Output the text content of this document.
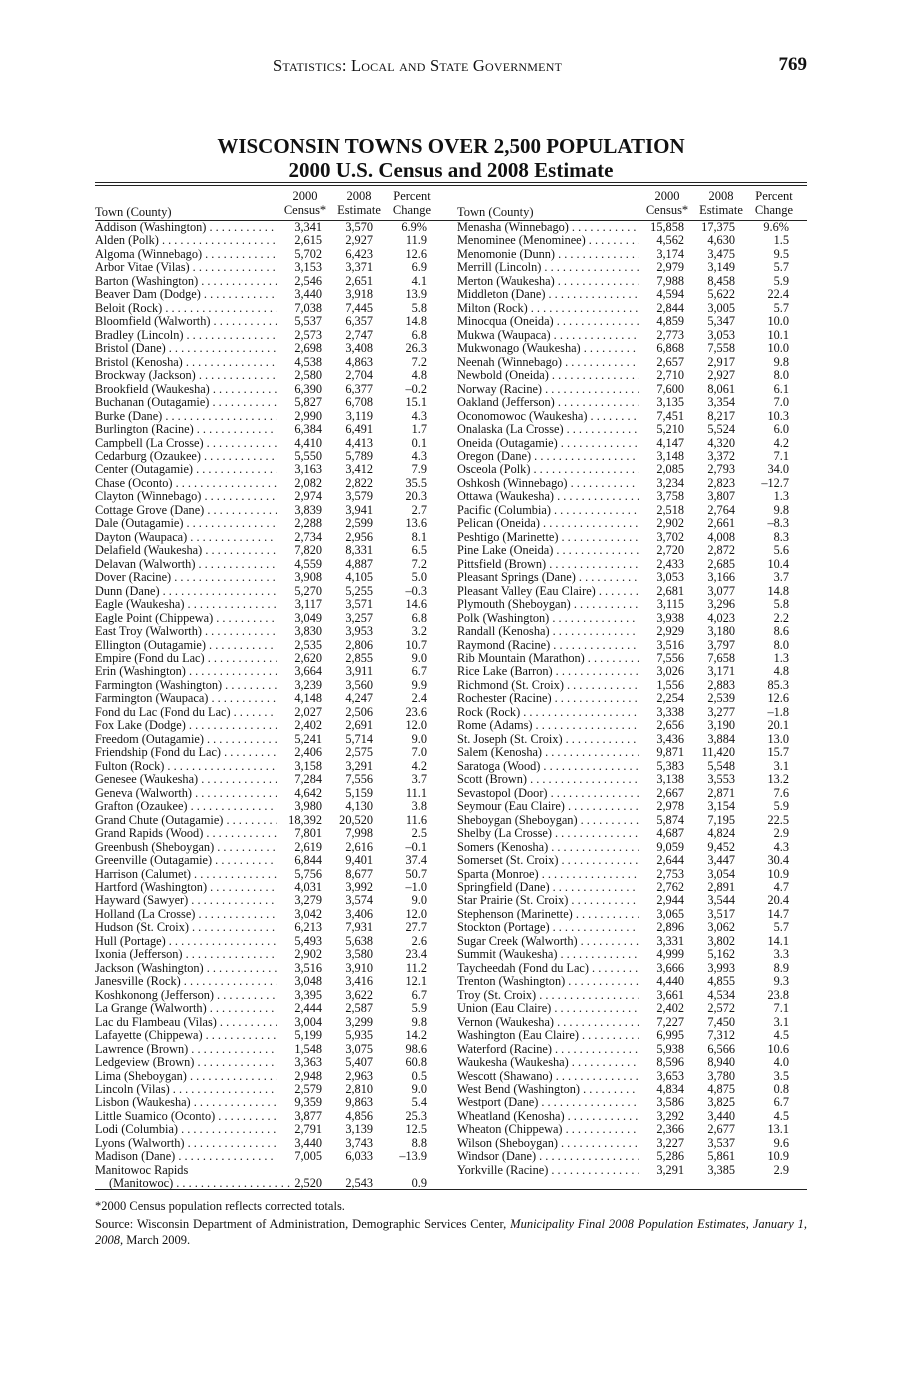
Statistics: Local and State Government	769
WISCONSIN TOWNS OVER 2,500 POPULATION
2000 U.S. Census and 2008 Estimate
Town (County)
2000
Census*
2008
Estimate
Percent
Change
Addison (Washington) . . .	3,341	3,570	6.9%
Alden (Polk) . . .	2,615	2,927	11.9
Algoma (Winnebago) . . .	5,702	6,423	12.6
Arbor Vitae (Vilas) . . .	3,153	3,371	6.9
Barton (Washington) . . .	2,546	2,651	4.1
Beaver Dam (Dodge) . . .	3,440	3,918	13.9
Beloit (Rock) . . .	7,038	7,445	5.8
Bloomfield (Walworth) . . .	5,537	6,357	14.8
Bradley (Lincoln) . . .	2,573	2,747	6.8
Bristol (Dane) . . .	2,698	3,408	26.3
Bristol (Kenosha) . . .	4,538	4,863	7.2
Brockway (Jackson) . . .	2,580	2,704	4.8
Brookfield (Waukesha) . . .	6,390	6,377	–0.2
Buchanan (Outagamie) . . .	5,827	6,708	15.1
Burke (Dane) . . .	2,990	3,119	4.3
Burlington (Racine) . . .	6,384	6,491	1.7
Campbell (La Crosse) . . .	4,410	4,413	0.1
Cedarburg (Ozaukee) . . .	5,550	5,789	4.3
Center (Outagamie) . . .	3,163	3,412	7.9
Chase (Oconto) . . .	2,082	2,822	35.5
Clayton (Winnebago) . . .	2,974	3,579	20.3
Cottage Grove (Dane) . . .	3,839	3,941	2.7
Dale (Outagamie) . . .	2,288	2,599	13.6
Dayton (Waupaca) . . .	2,734	2,956	8.1
Delafield (Waukesha) . . .	7,820	8,331	6.5
Delavan (Walworth) . . .	4,559	4,887	7.2
Dover (Racine) . . .	3,908	4,105	5.0
Dunn (Dane) . . .	5,270	5,255	–0.3
Eagle (Waukesha) . . .	3,117	3,571	14.6
Eagle Point (Chippewa) . . .	3,049	3,257	6.8
East Troy (Walworth) . . .	3,830	3,953	3.2
Ellington (Outagamie) . . .	2,535	2,806	10.7
Empire (Fond du Lac) . . .	2,620	2,855	9.0
Erin (Washington) . . .	3,664	3,911	6.7
Farmington (Washington) . . .	3,239	3,560	9.9
Farmington (Waupaca) . . .	4,148	4,247	2.4
Fond du Lac (Fond du Lac) . . .	2,027	2,506	23.6
Fox Lake (Dodge) . . .	2,402	2,691	12.0
Freedom (Outagamie) . . .	5,241	5,714	9.0
Friendship (Fond du Lac) . . .	2,406	2,575	7.0
Fulton (Rock) . . .	3,158	3,291	4.2
Genesee (Waukesha) . . .	7,284	7,556	3.7
Geneva (Walworth) . . .	4,642	5,159	11.1
Grafton (Ozaukee) . . .	3,980	4,130	3.8
Grand Chute (Outagamie) . . .	18,392	20,520	11.6
Grand Rapids (Wood) . . .	7,801	7,998	2.5
Greenbush (Sheboygan) . . .	2,619	2,616	–0.1
Greenville (Outagamie) . . .	6,844	9,401	37.4
Harrison (Calumet) . . .	5,756	8,677	50.7
Hartford (Washington) . . .	4,031	3,992	–1.0
Hayward (Sawyer) . . .	3,279	3,574	9.0
Holland (La Crosse) . . .	3,042	3,406	12.0
Hudson (St. Croix) . . .	6,213	7,931	27.7
Hull (Portage) . . .	5,493	5,638	2.6
Ixonia (Jefferson) . . .	2,902	3,580	23.4
Jackson (Washington) . . .	3,516	3,910	11.2
Janesville (Rock) . . .	3,048	3,416	12.1
Koshkonong (Jefferson) . . .	3,395	3,622	6.7
La Grange (Walworth) . . .	2,444	2,587	5.9
Lac du Flambeau (Vilas) . . .	3,004	3,299	9.8
Lafayette (Chippewa) . . .	5,199	5,935	14.2
Lawrence (Brown) . . .	1,548	3,075	98.6
Ledgeview (Brown) . . .	3,363	5,407	60.8
Lima (Sheboygan) . . .	2,948	2,963	0.5
Lincoln (Vilas) . . .	2,579	2,810	9.0
Lisbon (Waukesha) . . .	9,359	9,863	5.4
Little Suamico (Oconto) . . .	3,877	4,856	25.3
Lodi (Columbia) . . .	2,791	3,139	12.5
Lyons (Walworth) . . .	3,440	3,743	8.8
Madison (Dane) . . .	7,005	6,033	–13.9
Manitowoc Rapids
(Manitowoc) . . .	2,520	2,543	0.9
Town (County)
2000
Census*
2008
Estimate
Percent
Change
Menasha (Winnebago) . . .	15,858	17,375	9.6%
Menominee (Menominee) . . .	4,562	4,630	1.5
Menomonie (Dunn) . . .	3,174	3,475	9.5
Merrill (Lincoln) . . .	2,979	3,149	5.7
Merton (Waukesha) . . .	7,988	8,458	5.9
Middleton (Dane) . . .	4,594	5,622	22.4
Milton (Rock) . . .	2,844	3,005	5.7
Minocqua (Oneida) . . .	4,859	5,347	10.0
Mukwa (Waupaca) . . .	2,773	3,053	10.1
Mukwonago (Waukesha) . . .	6,868	7,558	10.0
Neenah (Winnebago) . . .	2,657	2,917	9.8
Newbold (Oneida) . . .	2,710	2,927	8.0
Norway (Racine) . . .	7,600	8,061	6.1
Oakland (Jefferson) . . .	3,135	3,354	7.0
Oconomowoc (Waukesha) . . .	7,451	8,217	10.3
Onalaska (La Crosse) . . .	5,210	5,524	6.0
Oneida (Outagamie) . . .	4,147	4,320	4.2
Oregon (Dane) . . .	3,148	3,372	7.1
Osceola (Polk) . . .	2,085	2,793	34.0
Oshkosh (Winnebago) . . .	3,234	2,823	–12.7
Ottawa (Waukesha) . . .	3,758	3,807	1.3
Pacific (Columbia) . . .	2,518	2,764	9.8
Pelican (Oneida) . . .	2,902	2,661	–8.3
Peshtigo (Marinette) . . .	3,702	4,008	8.3
Pine Lake (Oneida) . . .	2,720	2,872	5.6
Pittsfield (Brown) . . .	2,433	2,685	10.4
Pleasant Springs (Dane) . . .	3,053	3,166	3.7
Pleasant Valley (Eau Claire) . . .	2,681	3,077	14.8
Plymouth (Sheboygan) . . .	3,115	3,296	5.8
Polk (Washington) . . .	3,938	4,023	2.2
Randall (Kenosha) . . .	2,929	3,180	8.6
Raymond (Racine) . . .	3,516	3,797	8.0
Rib Mountain (Marathon) . . .	7,556	7,658	1.3
Rice Lake (Barron) . . .	3,026	3,171	4.8
Richmond (St. Croix) . . .	1,556	2,883	85.3
Rochester (Racine) . . .	2,254	2,539	12.6
Rock (Rock) . . .	3,338	3,277	–1.8
Rome (Adams) . . .	2,656	3,190	20.1
St. Joseph (St. Croix) . . .	3,436	3,884	13.0
Salem (Kenosha) . . .	9,871	11,420	15.7
Saratoga (Wood) . . .	5,383	5,548	3.1
Scott (Brown) . . .	3,138	3,553	13.2
Sevastopol (Door) . . .	2,667	2,871	7.6
Seymour (Eau Claire) . . .	2,978	3,154	5.9
Sheboygan (Sheboygan) . . .	5,874	7,195	22.5
Shelby (La Crosse) . . .	4,687	4,824	2.9
Somers (Kenosha) . . .	9,059	9,452	4.3
Somerset (St. Croix) . . .	2,644	3,447	30.4
Sparta (Monroe) . . .	2,753	3,054	10.9
Springfield (Dane) . . .	2,762	2,891	4.7
Star Prairie (St. Croix) . . .	2,944	3,544	20.4
Stephenson (Marinette) . . .	3,065	3,517	14.7
Stockton (Portage) . . .	2,896	3,062	5.7
Sugar Creek (Walworth) . . .	3,331	3,802	14.1
Summit (Waukesha) . . .	4,999	5,162	3.3
Taycheedah (Fond du Lac) . . .	3,666	3,993	8.9
Trenton (Washington) . . .	4,440	4,855	9.3
Troy (St. Croix) . . .	3,661	4,534	23.8
Union (Eau Claire) . . .	2,402	2,572	7.1
Vernon (Waukesha) . . .	7,227	7,450	3.1
Washington (Eau Claire) . . .	6,995	7,312	4.5
Waterford (Racine) . . .	5,938	6,566	10.6
Waukesha (Waukesha) . . .	8,596	8,940	4.0
Wescott (Shawano) . . .	3,653	3,780	3.5
West Bend (Washington) . . .	4,834	4,875	0.8
Westport (Dane) . . .	3,586	3,825	6.7
Wheatland (Kenosha) . . .	3,292	3,440	4.5
Wheaton (Chippewa) . . .	2,366	2,677	13.1
Wilson (Sheboygan) . . .	3,227	3,537	9.6
Windsor (Dane) . . .	5,286	5,861	10.9
Yorkville (Racine) . . .	3,291	3,385	2.9
*2000 Census population reflects corrected totals.
Source: Wisconsin Department of Administration, Demographic Services Center, Municipality Final 2008 Population Estimates, January 1, 2008, March 2009.
